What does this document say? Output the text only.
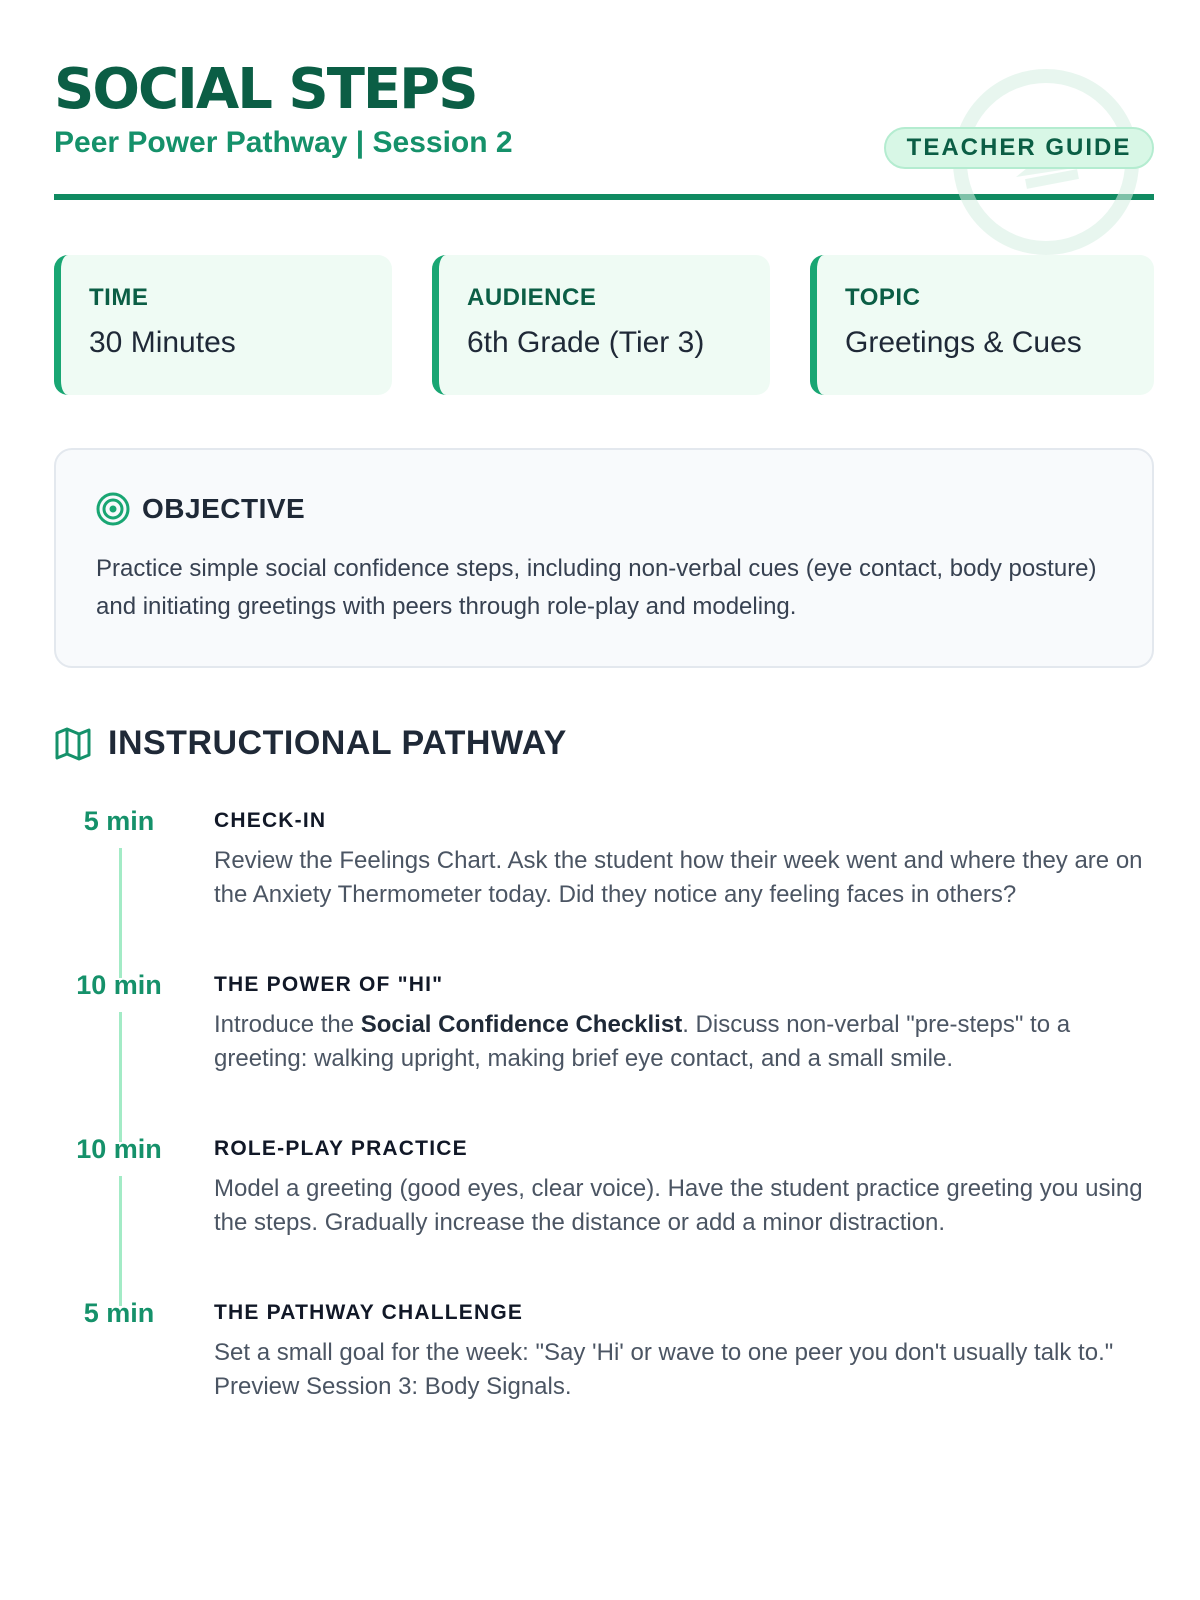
SOCIAL STEPS
Peer Power Pathway | Session 2	TEACHER GUIDE
TIME
30 Minutes
AUDIENCE
6th Grade (Tier 3)
TOPIC
Greetings & Cues
OBJECTIVE
Practice simple social confidence steps, including non-verbal cues (eye contact, body posture) and initiating greetings with peers through role-play and modeling.
INSTRUCTIONAL PATHWAY
5 min	CHECK-IN
Review the Feelings Chart. Ask the student how their week went and where they are on the Anxiety Thermometer today. Did they notice any feeling faces in others?
10 min	THE POWER OF "HI"
Introduce the Social Confidence Checklist. Discuss non-verbal "pre-steps" to a greeting: walking upright, making brief eye contact, and a small smile.
10 min	ROLE-PLAY PRACTICE
Model a greeting (good eyes, clear voice). Have the student practice greeting you using the steps. Gradually increase the distance or add a minor distraction.
5 min	THE PATHWAY CHALLENGE
Set a small goal for the week: "Say 'Hi' or wave to one peer you don't usually talk to." Preview Session 3: Body Signals.
